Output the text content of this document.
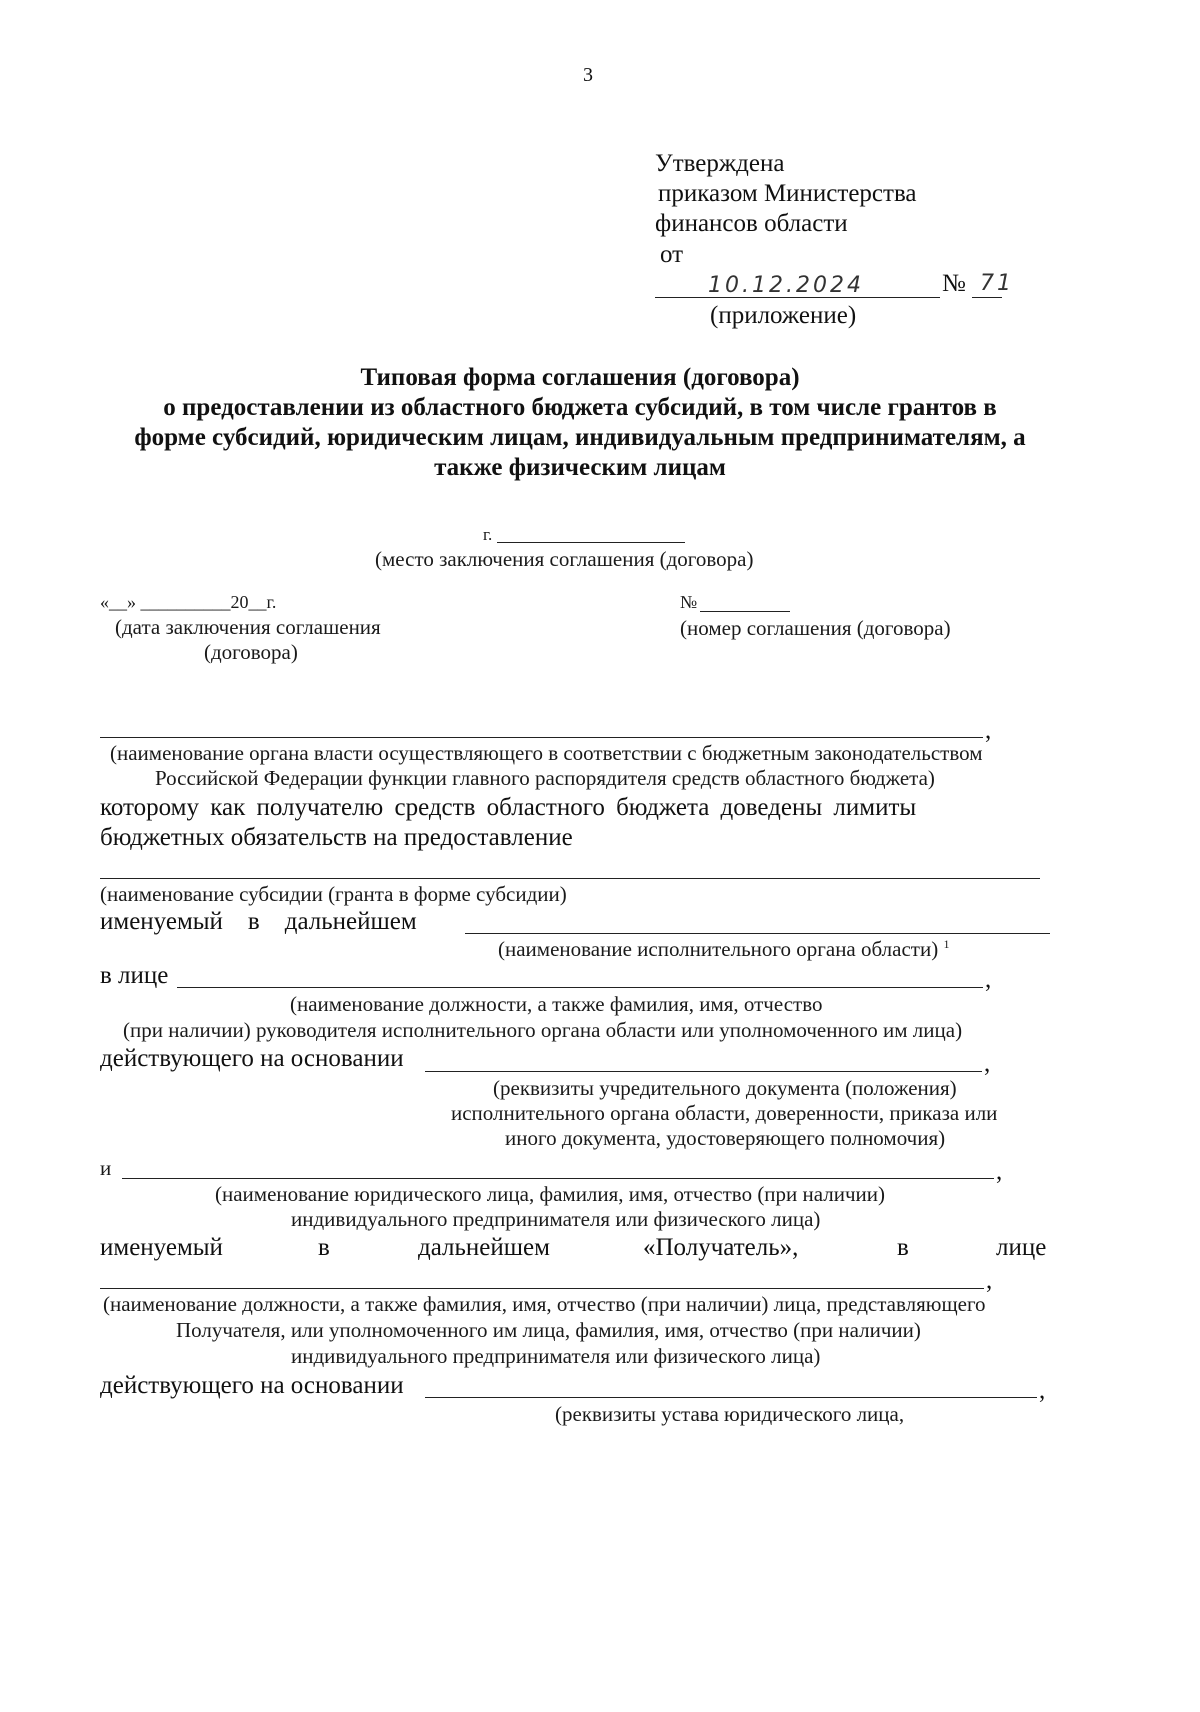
3
Утверждена
приказом Министерства
финансов области
от
10.12.2024	№ 71
(приложение)
Типовая форма соглашения (договора)
о предоставлении из областного бюджета субсидий, в том числе грантов в
форме субсидий, юридическим лицам, индивидуальным предпринимателям, а
также физическим лицам
г.
(место заключения соглашения (договора)
«__» __________20__г.
(дата заключения соглашения
(договора)
№
(номер соглашения (договора)
,
(наименование органа власти осуществляющего в соответствии с бюджетным законодательством
Российской Федерации функции главного распорядителя средств областного бюджета)
которому как получателю средств областного бюджета доведены лимиты
бюджетных обязательств на предоставление
(наименование субсидии (гранта в форме субсидии)
именуемый    в    дальнейшем
(наименование исполнительного органа области) $^1$
в лице	,
(наименование должности, а также фамилия, имя, отчество
(при наличии) руководителя исполнительного органа области или уполномоченного им лица)
действующего на основании	,
(реквизиты учредительного документа (положения)
исполнительного органа области, доверенности, приказа или
иного документа, удостоверяющего полномочия)
и	,
(наименование юридического лица, фамилия, имя, отчество (при наличии)
индивидуального предпринимателя или физического лица)
именуемый	в	дальнейшем	«Получатель»,	в	лице
,
(наименование должности, а также фамилия, имя, отчество (при наличии) лица, представляющего
Получателя, или уполномоченного им лица, фамилия, имя, отчество (при наличии)
индивидуального предпринимателя или физического лица)
действующего на основании	,
(реквизиты устава юридического лица,
